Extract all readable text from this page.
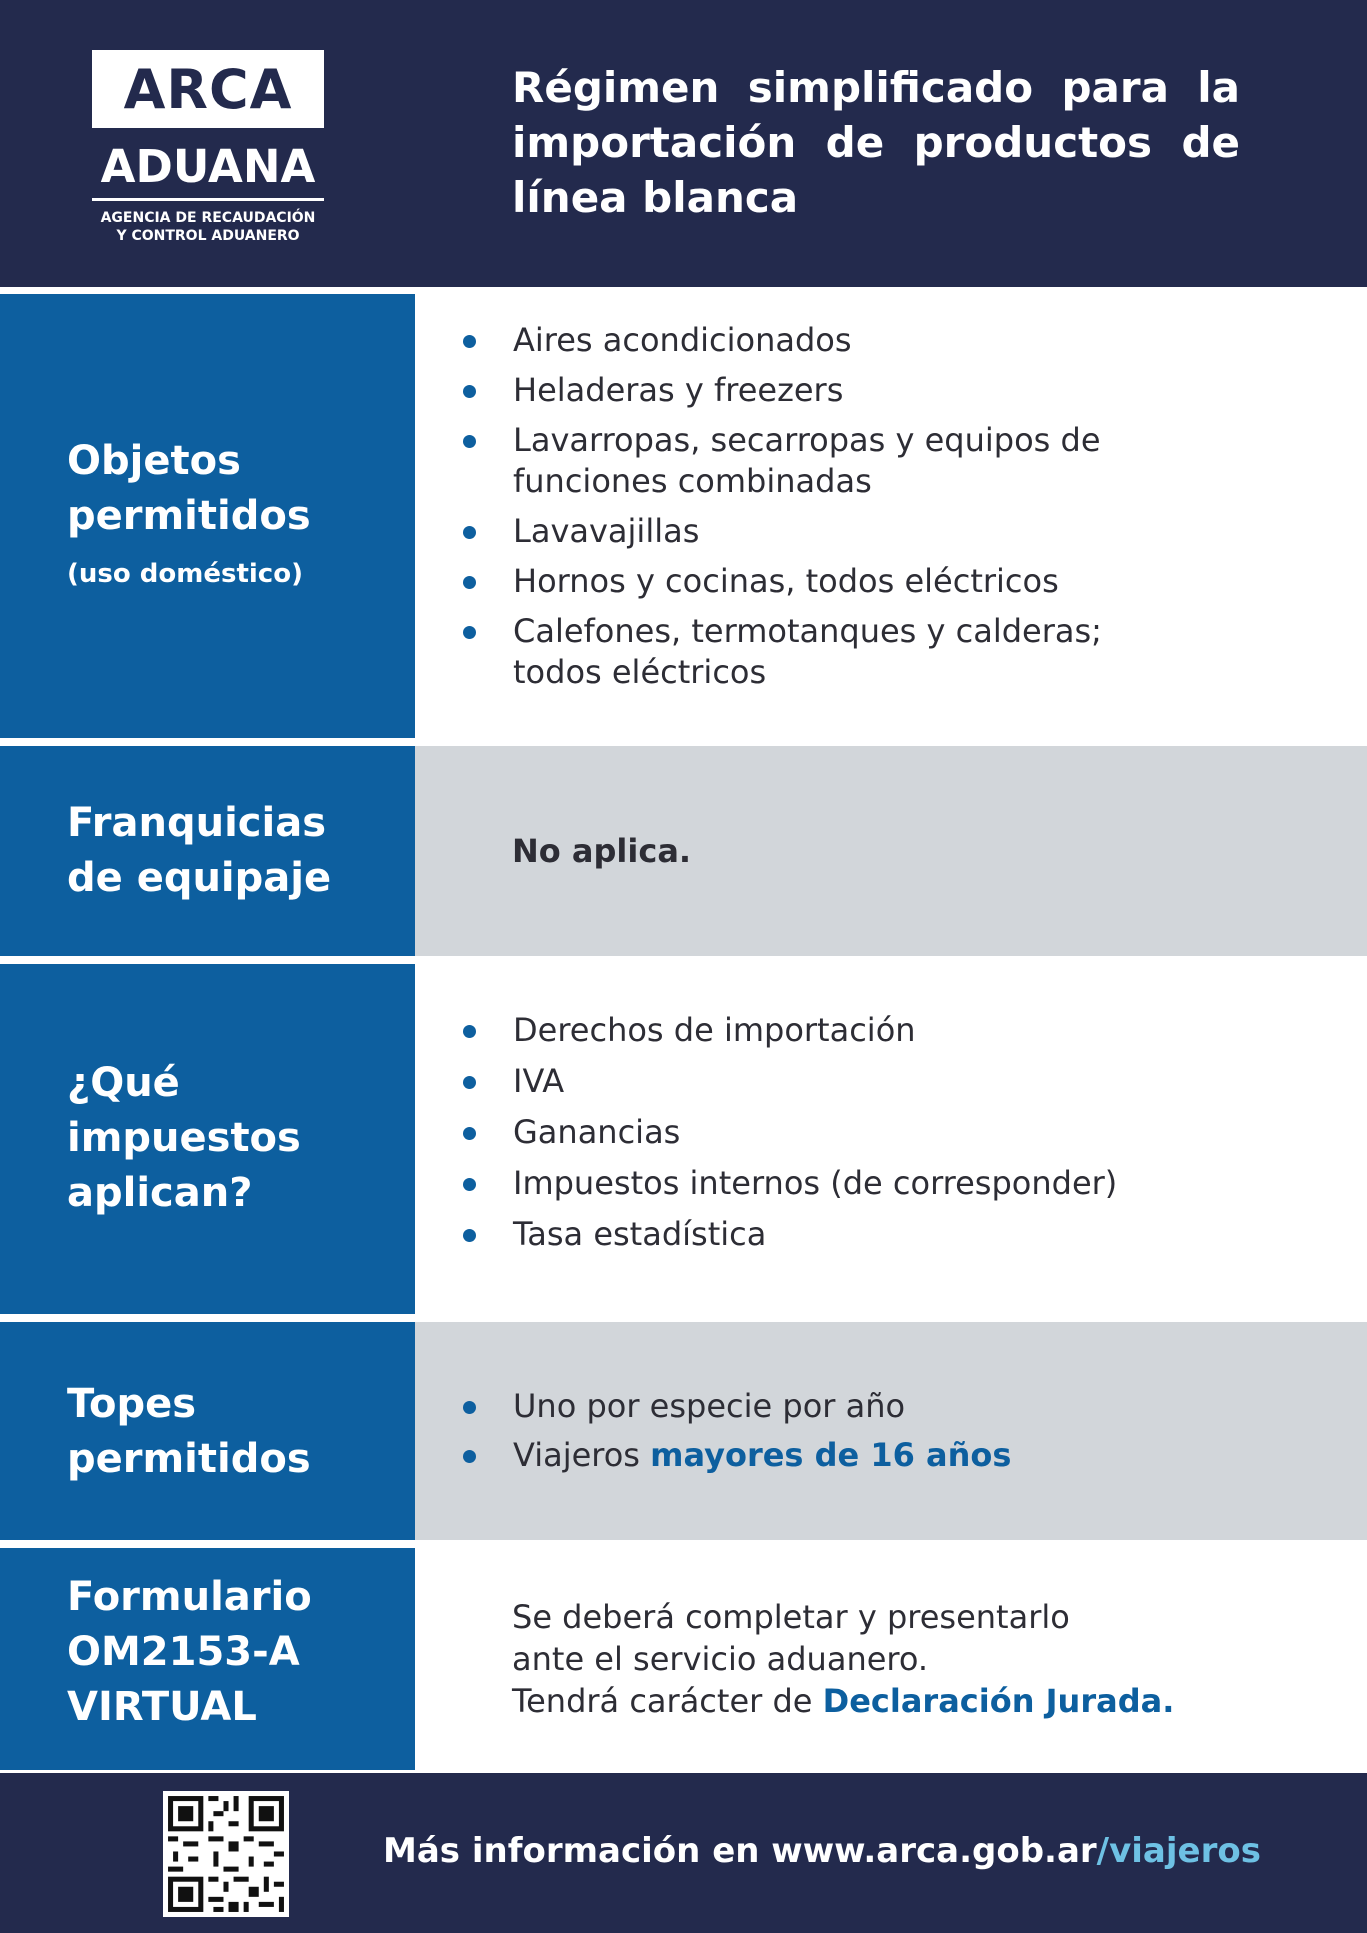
ARCA
ADUANA
AGENCIA DE RECAUDACIÓN
Y CONTROL ADUANERO
Régimen simplificado para la importación de productos de línea blanca
Objetos permitidos
(uso doméstico)
Aires acondicionados
Heladeras y freezers
Lavarropas, secarropas y equipos de funciones combinadas
Lavavajillas
Hornos y cocinas, todos eléctricos
Calefones, termotanques y calderas; todos eléctricos
Franquicias de equipaje
No aplica.
¿Qué impuestos aplican?
Derechos de importación
IVA
Ganancias
Impuestos internos (de corresponder)
Tasa estadística
Topes permitidos
Uno por especie por año
Viajeros mayores de 16 años
Formulario OM2153-A VIRTUAL
Se deberá completar y presentarlo
ante el servicio aduanero.
Tendrá carácter de Declaración Jurada.
Más información en www.arca.gob.ar/viajeros
